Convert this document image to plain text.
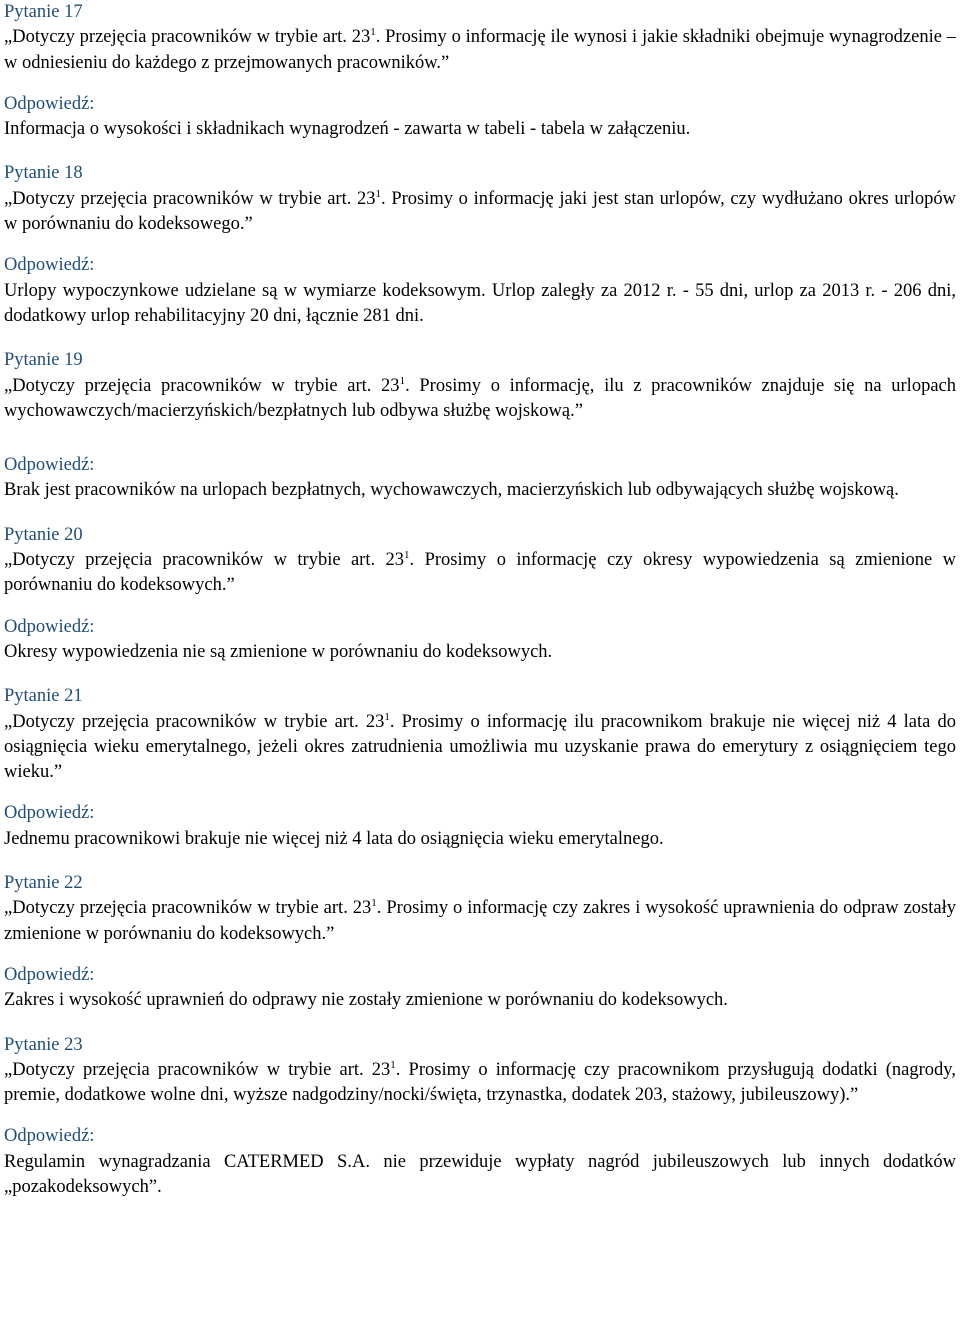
Pytanie 17

„Dotyczy przejęcia pracowników w trybie art. $23^1$. Prosimy o informację ile wynosi i jakie składniki obejmuje wynagrodzenie – w odniesieniu do każdego z przejmowanych pracowników.”

Odpowiedź:

Informacja o wysokości i składnikach wynagrodzeń - zawarta w tabeli - tabela w załączeniu.

Pytanie 18

„Dotyczy przejęcia pracowników w trybie art. $23^1$. Prosimy o informację jaki jest stan urlopów, czy wydłużano okres urlopów w porównaniu do kodeksowego.”

Odpowiedź:

Urlopy wypoczynkowe udzielane są w wymiarze kodeksowym. Urlop zaległy za 2012 r. - 55 dni, urlop za 2013 r. - 206 dni, dodatkowy urlop rehabilitacyjny 20 dni, łącznie 281 dni.

Pytanie 19

„Dotyczy przejęcia pracowników w trybie art. $23^1$. Prosimy o informację, ilu z pracowników znajduje się na urlopach wychowawczych/macierzyńskich/bezpłatnych lub odbywa służbę wojskową.”

Odpowiedź:

Brak jest pracowników na urlopach bezpłatnych, wychowawczych, macierzyńskich lub odbywających służbę wojskową.

Pytanie 20

„Dotyczy przejęcia pracowników w trybie art. $23^1$. Prosimy o informację czy okresy wypowiedzenia są zmienione w porównaniu do kodeksowych.”

Odpowiedź:

Okresy wypowiedzenia nie są zmienione w porównaniu do kodeksowych.

Pytanie 21

„Dotyczy przejęcia pracowników w trybie art. $23^1$. Prosimy o informację ilu pracownikom brakuje nie więcej niż 4 lata do osiągnięcia wieku emerytalnego, jeżeli okres zatrudnienia umożliwia mu uzyskanie prawa do emerytury z osiągnięciem tego wieku.”

Odpowiedź:

Jednemu pracownikowi brakuje nie więcej niż 4 lata do osiągnięcia wieku emerytalnego.

Pytanie 22

„Dotyczy przejęcia pracowników w trybie art. $23^1$. Prosimy o informację czy zakres i wysokość uprawnienia do odpraw zostały zmienione w porównaniu do kodeksowych.”

Odpowiedź:

Zakres i wysokość uprawnień do odprawy nie zostały zmienione w porównaniu do kodeksowych.

Pytanie 23

„Dotyczy przejęcia pracowników w trybie art. $23^1$. Prosimy o informację czy pracownikom przysługują dodatki (nagrody, premie, dodatkowe wolne dni, wyższe nadgodziny/nocki/święta, trzynastka, dodatek 203, stażowy, jubileuszowy).”

Odpowiedź:

Regulamin wynagradzania CATERMED S.A. nie przewiduje wypłaty nagród jubileuszowych lub innych dodatków „pozakodeksowych”.
